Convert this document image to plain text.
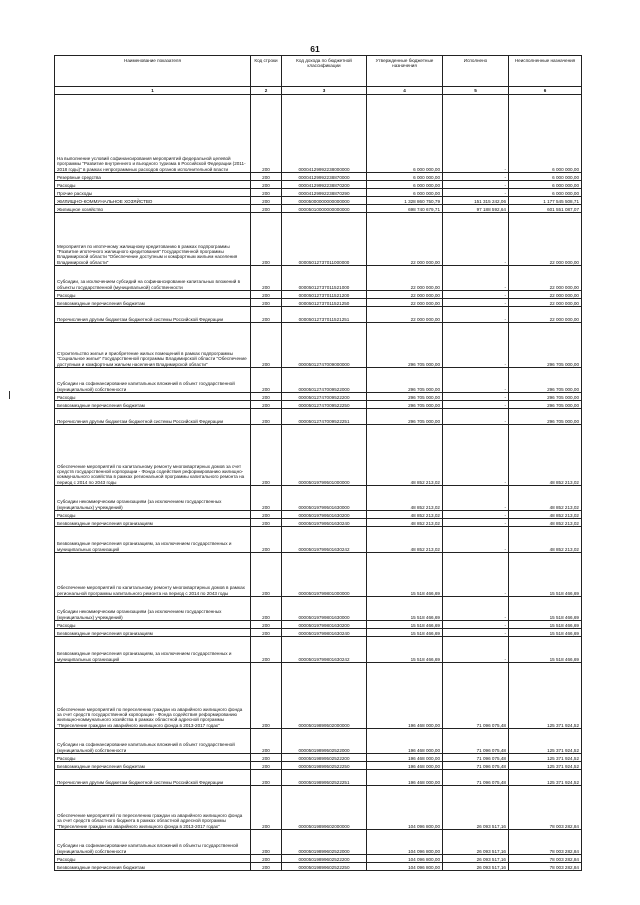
61
Наименование показателя	Код строки	Код дохода по бюджетной классификации	Утвержденные бюджетные назначения	Исполнено	Неисполненные назначения
1	2	3	4	5	6
На выполнение условий софинансирования мероприятий федеральной целевой программы "Развитие внутреннего и въездного туризма в Российской Федерации (2011-2018 годы)" в рамках непрограммных расходов органов исполнительной власти	200	00004129992238000000	6 000 000,00	-	6 000 000,00
Резервные средства	200	00004129992238870000	6 000 000,00	-	6 000 000,00
Расходы	200	00004129992238870200	6 000 000,00	-	6 000 000,00
Прочие расходы	200	00004129992238870290	6 000 000,00	-	6 000 000,00
ЖИЛИЩНО-КОММУНАЛЬНОЕ ХОЗЯЙСТВО	200	00005000000000000000	1 328 860 750,79	151 315 242,06	1 177 545 508,71
Жилищное хозяйство	200	00005010000000000000	698 740 679,71	97 188 592,64	601 551 087,07
Мероприятия по ипотечному жилищному кредитованию в рамках подпрограммы "Развитие ипотечного жилищного кредитования" Государственной программы Владимирской области "Обеспечение доступным и комфортным жильем населения Владимирской области"	200	00005012737011000000	22 000 000,00	-	22 000 000,00
Субсидии, за исключением субсидий на софинансирование капитальных вложений в объекты государственной (муниципальной) собственности	200	00005012737011521000	22 000 000,00	-	22 000 000,00
Расходы	200	00005012737011521200	22 000 000,00	-	22 000 000,00
Безвозмездные перечисления бюджетам	200	00005012737011521250	22 000 000,00	-	22 000 000,00
Перечисления другим бюджетам бюджетной системы Российской Федерации	200	00005012737011521251	22 000 000,00	-	22 000 000,00
Строительство жилья и приобретение жилых помещений в рамках подпрограммы "Социальное жилье" Государственной программы Владимирской области "Обеспечение доступным и комфортным жильем населения Владимирской области"	200	00005012747009000000	296 705 000,00	-	296 705 000,00
Субсидии на софинансирование капитальных вложений в объект государственной (муниципальной) собственности	200	00005012747009522000	296 705 000,00	-	296 705 000,00
Расходы	200	00005012747009522200	296 705 000,00	-	296 705 000,00
Безвозмездные перечисления бюджетам	200	00005012747009522250	296 705 000,00	-	296 705 000,00
Перечисления другим бюджетам бюджетной системы Российской Федерации	200	00005012747009522251	296 705 000,00	-	296 705 000,00
Обеспечение мероприятий по капитальному ремонту многоквартирных домов за счет средств государственной корпорации - Фонда содействия реформированию жилищно-коммунального хозяйства в рамках региональной программы капитального ремонта на период с 2014 по 2043 годы	200	00005019799501000000	48 852 213,02	-	48 852 213,02
Субсидии некоммерческим организациям (за исключением государственных (муниципальных) учреждений)	200	00005019799501630000	48 852 213,02	-	48 852 213,02
Расходы	200	00005019799501630200	48 852 213,02	-	48 852 213,02
Безвозмездные перечисления организациям	200	00005019799501630240	48 852 213,02	-	48 852 213,02
Безвозмездные перечисления организациям, за исключением государственных и муниципальных организаций	200	00005019799501630242	48 852 213,02	-	48 852 213,02
Обеспечение мероприятий по капитальному ремонту многоквартирных домов в рамках региональной программы капитального ремонта на период с 2014 по 2043 годы	200	00005019799801000000	15 518 466,69	-	15 518 466,69
Субсидии некоммерческим организациям (за исключением государственных (муниципальных) учреждений)	200	00005019799801630000	15 518 466,69	-	15 518 466,69
Расходы	200	00005019799801630200	15 518 466,69	-	15 518 466,69
Безвозмездные перечисления организациям	200	00005019799801630240	15 518 466,69	-	15 518 466,69
Безвозмездные перечисления организациям, за исключением государственных и муниципальных организаций	200	00005019799801630242	15 518 466,69	-	15 518 466,69
Обеспечение мероприятий по переселению граждан из аварийного жилищного фонда за счет средств государственной корпорации - Фонда содействия реформированию жилищно-коммунального хозяйства в рамках областной адресной программы "Переселение граждан из аварийного жилищного фонда в 2013-2017 годах"	200	00005019899502000000	196 468 000,00	71 096 075,48	125 371 924,52
Субсидии на софинансирование капитальных вложений в объект государственной (муниципальной) собственности	200	00005019899502522000	196 468 000,00	71 096 075,48	125 371 924,52
Расходы	200	00005019899502522200	196 468 000,00	71 096 075,48	125 371 924,52
Безвозмездные перечисления бюджетам	200	00005019899502522250	196 468 000,00	71 096 075,48	125 371 924,52
Перечисления другим бюджетам бюджетной системы Российской Федерации	200	00005019899502522251	196 468 000,00	71 096 075,48	125 371 924,52
Обеспечение мероприятий по переселению граждан из аварийного жилищного фонда за счет средств областного бюджета в рамках областной адресной программы "Переселение граждан из аварийного жилищного фонда в 2013-2017 годах"	200	00005019899602000000	104 096 800,00	26 093 517,16	78 003 282,84
Субсидии на софинансирование капитальных вложений в объекты государственной (муниципальной) собственности	200	00005019899602522000	104 096 800,00	26 093 517,16	78 003 282,84
Расходы	200	00005019899602522200	104 096 800,00	26 093 517,16	78 003 282,84
Безвозмездные перечисления бюджетам	200	00005019899602522250	104 096 800,00	26 093 517,16	78 003 282,84
